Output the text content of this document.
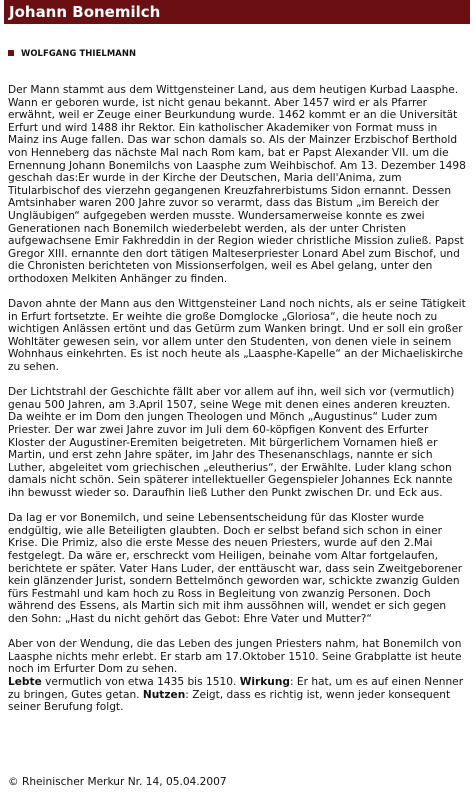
Johann Bonemilch
WOLFGANG THIELMANN

Der Mann stammt aus dem Wittgensteiner Land, aus dem heutigen Kurbad Laasphe. Wann er geboren wurde, ist nicht genau bekannt. Aber 1457 wird er als Pfarrer erwähnt, weil er Zeuge einer Beurkundung wurde. 1462 kommt er an die Universität Erfurt und wird 1488 ihr Rektor. Ein katholischer Akademiker von Format muss in Mainz ins Auge fallen. Das war schon damals so. Als der Mainzer Erzbischof Berthold von Henneberg das nächste Mal nach Rom kam, bat er Papst Alexander VII. um die Ernennung Johann Bonemilchs von Laasphe zum Weihbischof. Am 13. Dezember 1498 geschah das:Er wurde in der Kirche der Deutschen, Maria dell'Anima, zum Titularbischof des vierzehn gegangenen Kreuzfahrerbistums Sidon ernannt. Dessen Amtsinhaber waren 200 Jahre zuvor so verarmt, dass das Bistum „im Bereich der Ungläubigen“ aufgegeben werden musste. Wundersamerweise konnte es zwei Generationen nach Bonemilch wiederbelebt werden, als der unter Christen aufgewachsene Emir Fakhreddin in der Region wieder christliche Mission zuließ. Papst Gregor XIII. ernannte den dort tätigen Malteserpriester Lonard Abel zum Bischof, und die Chronisten berichteten von Missionserfolgen, weil es Abel gelang, unter den orthodoxen Melkiten Anhänger zu finden.

Davon ahnte der Mann aus den Wittgensteiner Land noch nichts, als er seine Tätigkeit in Erfurt fortsetzte. Er weihte die große Domglocke „Gloriosa“, die heute noch zu wichtigen Anlässen ertönt und das Getürm zum Wanken bringt. Und er soll ein großer Wohltäter gewesen sein, vor allem unter den Studenten, von denen viele in seinem Wohnhaus einkehrten. Es ist noch heute als „Laasphe-Kapelle“ an der Michaeliskirche zu sehen.

Der Lichtstrahl der Geschichte fällt aber vor allem auf ihn, weil sich vor (vermutlich) genau 500 Jahren, am 3.April 1507, seine Wege mit denen eines anderen kreuzten. Da weihte er im Dom den jungen Theologen und Mönch „Augustinus“ Luder zum Priester. Der war zwei Jahre zuvor im Juli dem 60-köpfigen Konvent des Erfurter Kloster der Augustiner-Eremiten beigetreten. Mit bürgerlichem Vornamen hieß er Martin, und erst zehn Jahre später, im Jahr des Thesenanschlags, nannte er sich Luther, abgeleitet vom griechischen „eleutherius“, der Erwählte. Luder klang schon damals nicht schön. Sein späterer intellektueller Gegenspieler Johannes Eck nannte ihn bewusst wieder so. Daraufhin ließ Luther den Punkt zwischen Dr. und Eck aus.

Da lag er vor Bonemilch, und seine Lebensentscheidung für das Kloster wurde endgültig, wie alle Beteiligten glaubten. Doch er selbst befand sich schon in einer Krise. Die Primiz, also die erste Messe des neuen Priesters, wurde auf den 2.Mai festgelegt. Da wäre er, erschreckt vom Heiligen, beinahe vom Altar fortgelaufen, berichtete er später. Vater Hans Luder, der enttäuscht war, dass sein Zweitgeborener kein glänzender Jurist, sondern Bettelmönch geworden war, schickte zwanzig Gulden fürs Festmahl und kam hoch zu Ross in Begleitung von zwanzig Personen. Doch während des Essens, als Martin sich mit ihm aussöhnen will, wendet er sich gegen den Sohn: „Hast du nicht gehört das Gebot: Ehre Vater und Mutter?“

Aber von der Wendung, die das Leben des jungen Priesters nahm, hat Bonemilch von Laasphe nichts mehr erlebt. Er starb am 17.Oktober 1510. Seine Grabplatte ist heute noch im Erfurter Dom zu sehen.

Lebte vermutlich von etwa 1435 bis 1510. Wirkung: Er hat, um es auf einen Nenner zu bringen, Gutes getan. Nutzen: Zeigt, dass es richtig ist, wenn jeder konsequent seiner Berufung folgt.

© Rheinischer Merkur Nr. 14, 05.04.2007
